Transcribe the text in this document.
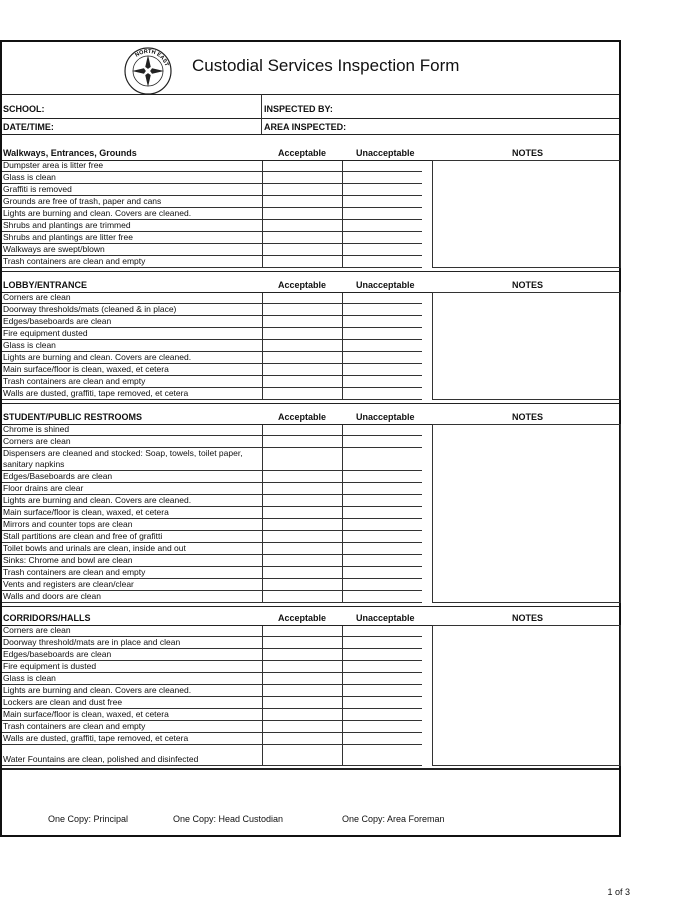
NORTH EAST Custodial Services Inspection Form
SCHOOL:	INSPECTED BY:
DATE/TIME:	AREA INSPECTED:
Walkways, Entrances, Grounds	Acceptable	Unacceptable	NOTES
Dumpster area is litter free
Glass is clean
Graffiti is removed
Grounds are free of trash, paper and cans
Lights are burning and clean. Covers are cleaned.
Shrubs and plantings are trimmed
Shrubs and plantings are litter free
Walkways are swept/blown
Trash containers are clean and empty
LOBBY/ENTRANCE	Acceptable	Unacceptable	NOTES
Corners are clean
Doorway thresholds/mats (cleaned & in place)
Edges/baseboards are clean
Fire equipment dusted
Glass is clean
Lights are burning and clean. Covers are cleaned.
Main surface/floor is clean, waxed, et cetera
Trash containers are clean and empty
Walls are dusted, graffiti, tape removed, et cetera
STUDENT/PUBLIC RESTROOMS	Acceptable	Unacceptable	NOTES
Chrome is shined
Corners are clean
Dispensers are cleaned and stocked: Soap, towels, toilet paper, sanitary napkins
Edges/Baseboards are clean
Floor drains are clear
Lights are burning and clean. Covers are cleaned.
Main surface/floor is clean, waxed, et cetera
Mirrors and counter tops are clean
Stall partitions are clean and free of grafitti
Toilet bowls and urinals are clean, inside and out
Sinks: Chrome and bowl are clean
Trash containers are clean and empty
Vents and registers are clean/clear
Walls and doors are clean
CORRIDORS/HALLS	Acceptable	Unacceptable	NOTES
Corners are clean
Doorway threshold/mats are in place and clean
Edges/baseboards are clean
Fire equipment is dusted
Glass is clean
Lights are burning and clean. Covers are cleaned.
Lockers are clean and dust free
Main surface/floor is clean, waxed, et cetera
Trash containers are clean and empty
Walls are dusted, graffiti, tape removed, et cetera
Water Fountains are clean, polished and disinfected
One Copy: Principal	One Copy: Head Custodian	One Copy: Area Foreman
1 of 3
